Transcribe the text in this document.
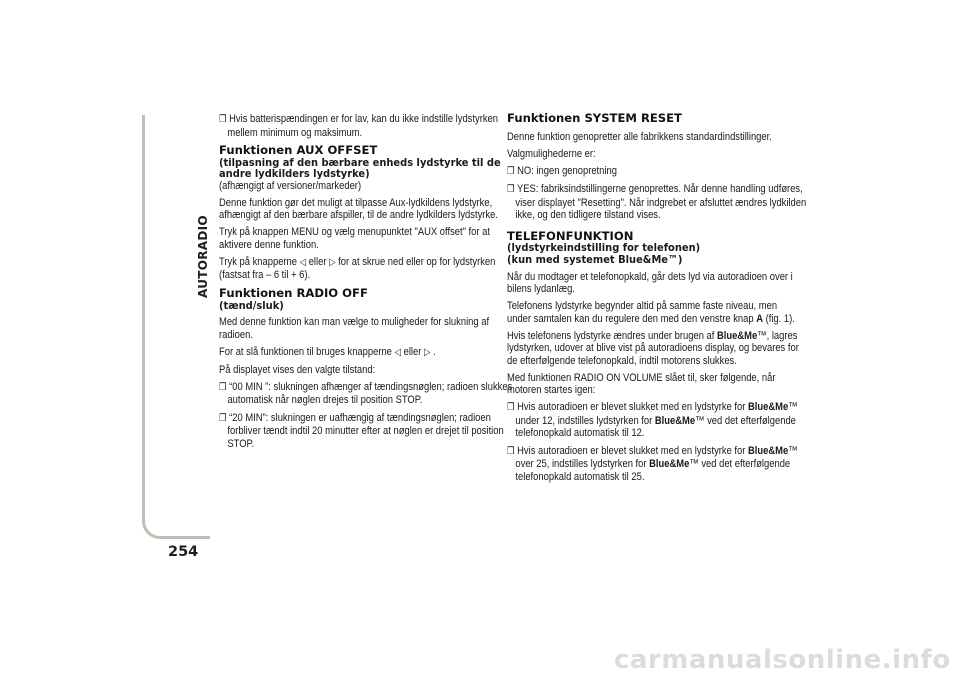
AUTORADIO
254

❒ Hvis batterispændingen er for lav, kan du ikke indstille lydstyrken mellem minimum og maksimum.

Funktionen AUX OFFSET
(tilpasning af den bærbare enheds lydstyrke til de andre lydkilders lydstyrke)
(afhængigt af versioner/markeder)

Denne funktion gør det muligt at tilpasse Aux-lydkildens lydstyrke, afhængigt af den bærbare afspiller, til de andre lydkilders lydstyrke.

Tryk på knappen MENU og vælg menupunktet "AUX offset" for at aktivere denne funktion.

Tryk på knapperne ◁ eller ▷ for at skrue ned eller op for lydstyrken (fastsat fra – 6 til + 6).

Funktionen RADIO OFF
(tænd/sluk)

Med denne funktion kan man vælge to muligheder for slukning af radioen.

For at slå funktionen til bruges knapperne ◁ eller ▷ .

På displayet vises den valgte tilstand:

❒ “00 MIN ”: slukningen afhænger af tændingsnøglen; radioen slukkes automatisk når nøglen drejes til position STOP.

❒ “20 MIN”: slukningen er uafhængig af tændingsnøglen; radioen forbliver tændt indtil 20 minutter efter at nøglen er drejet til position STOP.

Funktionen SYSTEM RESET

Denne funktion genopretter alle fabrikkens standardindstillinger.

Valgmulighederne er:

❒ NO: ingen genopretning

❒ YES: fabriksindstillingerne genoprettes. Når denne handling udføres, viser displayet "Resetting". Når indgrebet er afsluttet ændres lydkilden ikke, og den tidligere tilstand vises.

TELEFONFUNKTION
(lydstyrkeindstilling for telefonen)
(kun med systemet Blue&Me™)

Når du modtager et telefonopkald, går dets lyd via autoradioen over i bilens lydanlæg.

Telefonens lydstyrke begynder altid på samme faste niveau, men under samtalen kan du regulere den med den venstre knap A (fig. 1).

Hvis telefonens lydstyrke ændres under brugen af Blue&Me™, lagres lydstyrken, udover at blive vist på autoradioens display, og bevares for de efterfølgende telefonopkald, indtil motorens slukkes.

Med funktionen RADIO ON VOLUME slået til, sker følgende, når motoren startes igen:

❒ Hvis autoradioen er blevet slukket med en lydstyrke for Blue&Me™ under 12, indstilles lydstyrken for Blue&Me™ ved det efterfølgende telefonopkald automatisk til 12.

❒ Hvis autoradioen er blevet slukket med en lydstyrke for Blue&Me™ over 25, indstilles lydstyrken for Blue&Me™ ved det efterfølgende telefonopkald automatisk til 25.

carmanualsonline.info
